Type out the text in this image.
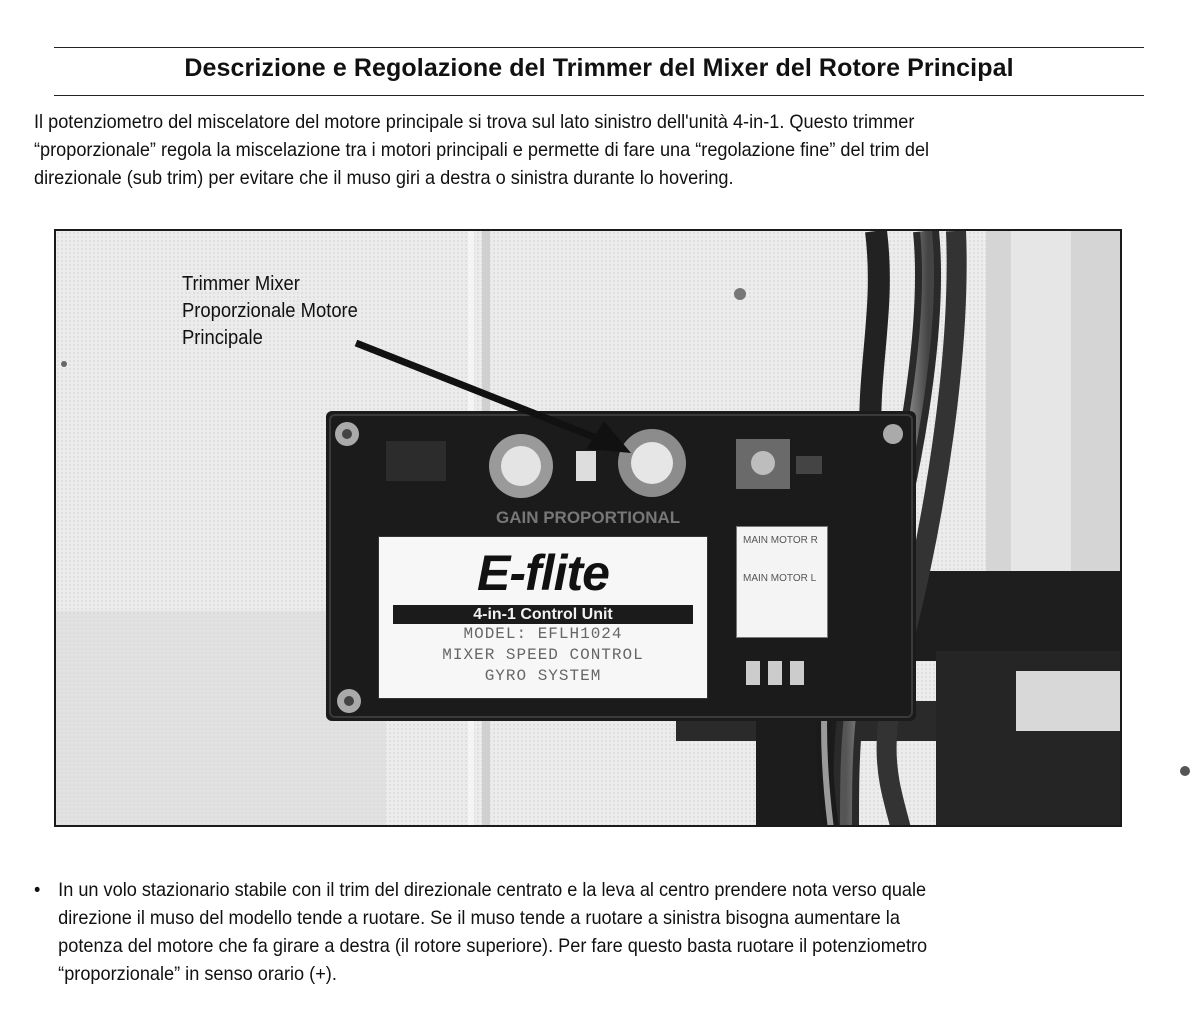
Descrizione e Regolazione del Trimmer del Mixer del Rotore Principal
Il potenziometro del miscelatore del motore principale si trova sul lato sinistro dell'unità 4-in-1. Questo trimmer
“proporzionale” regola la miscelazione tra i motori principali e permette di fare una “regolazione fine” del trim del
direzionale (sub trim) per evitare che il muso giri a destra o sinistra durante lo hovering.
GAIN PROPORTIONAL
Trimmer Mixer
Proporzionale Motore
Principale
E-flite
4-in-1 Control Unit
MODEL: EFLH1024
MIXER SPEED CONTROL
GYRO SYSTEM
MAIN MOTOR R
MAIN MOTOR L
• In un volo stazionario stabile con il trim del direzionale centrato e la leva al centro prendere nota verso quale
direzione il muso del modello tende a ruotare. Se il muso tende a ruotare a sinistra bisogna aumentare la
potenza del motore che fa girare a destra (il rotore superiore). Per fare questo basta ruotare il potenziometro
“proporzionale” in senso orario (+).
